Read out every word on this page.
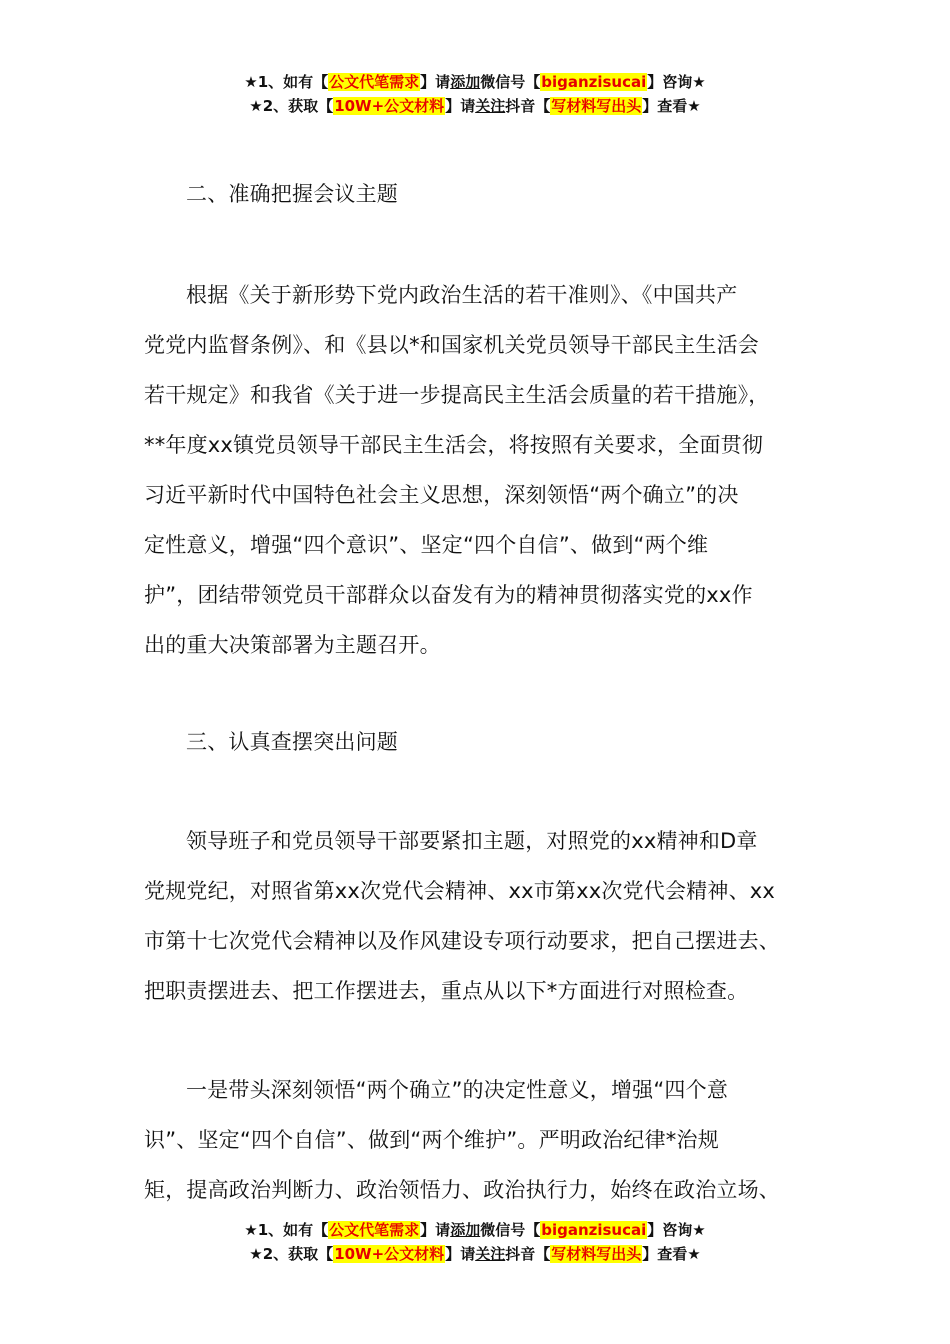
★1、如有【公文代笔需求】请添加微信号【biganzisucai】咨询★
★2、获取【10W+公文材料】请关注抖音【写材料写出头】查看★

二、准确把握会议主题

根据《关于新形势下党内政治生活的若干准则》、《中国共产
党党内监督条例》、和《县以*和国家机关党员领导干部民主生活会
若干规定》和我省《关于进一步提高民主生活会质量的若干措施》，
**年度xx镇党员领导干部民主生活会，将按照有关要求，全面贯彻
习近平新时代中国特色社会主义思想，深刻领悟“两个确立”的决
定性意义，增强“四个意识”、坚定“四个自信”、做到“两个维
护”，团结带领党员干部群众以奋发有为的精神贯彻落实党的xx作
出的重大决策部署为主题召开。

三、认真查摆突出问题

领导班子和党员领导干部要紧扣主题，对照党的xx精神和D章
党规党纪，对照省第xx次党代会精神、xx市第xx次党代会精神、xx
市第十七次党代会精神以及作风建设专项行动要求，把自己摆进去、
把职责摆进去、把工作摆进去，重点从以下*方面进行对照检查。
一是带头深刻领悟“两个确立”的决定性意义，增强“四个意
识”、坚定“四个自信”、做到“两个维护”。严明政治纪律*治规
矩，提高政治判断力、政治领悟力、政治执行力，始终在政治立场、
★1、如有【公文代笔需求】请添加微信号【biganzisucai】咨询★
★2、获取【10W+公文材料】请关注抖音【写材料写出头】查看★
